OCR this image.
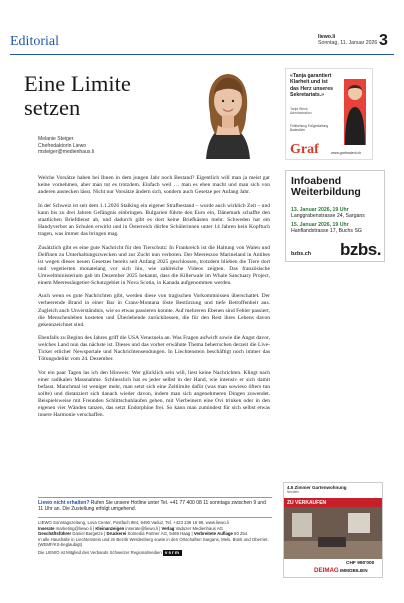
Editorial	liewo.li
Sonntag, 11. Januar 2026 3
Eine Limite
setzen
Melanie Steiger
Chefredaktorin Liewo
msteiger@medienhaus.li

Welche Vorsätze haben bei Ihnen in dem jungen Jahr noch Bestand? Eigentlich will man ja meist gar keine vornehmen, aber man tut es trotzdem. Einfach weil … man es eben macht und man sich von anderen anstecken lässt. Nicht nur Vorsätze ändern sich, sondern auch Gesetze per Anfang Jahr.

In der Schweiz ist seit dem 1.1.2026 Stalking ein eigener Strafbestand – wurde auch wirklich Zeit – und kann bis zu drei Jahren Gefängnis einbringen. Bulgarien führte den Euro ein, Dänemark schaffte den staatlichen Briefdienst ab, und dadurch gibt es dort keine Briefkästen mehr. Schweden hat ein Handyverbot an Schulen erwirkt und in Österreich dürfen Schülerinnen unter 14 Jahren kein Kopftuch tragen, was immer das bringen mag.

Zusätzlich gibt es eine gute Nachricht für den Tierschutz: In Frankreich ist die Haltung von Walen und Delfinen zu Unterhaltungszwecken und zur Zucht nun verboten. Der Meereszoo Marineland in Antibes ist wegen dieses neuen Gesetzes bereits seit Anfang 2025 geschlossen, trotzdem blieben die Tiere dort und vegetierten monatelang vor sich hin, wie zahlreiche Videos zeigten. Das französische Umweltministerium gab im Dezember 2025 bekannt, dass die Killerwale im Whale Sanctuary Project, einem Meeressäugetier-Schutzgebiet in Nova Scotia, in Kanada aufgenommen werden.

Auch wenn es gute Nachrichten gibt, werden diese von tragischen Vorkommnissen überschattet. Der verheerende Brand in einer Bar in Crans-Montana löste Bestürzung und tiefe Betroffenheit aus. Zugleich auch Unverständnis, wie so etwas passieren konnte. Auf mehreren Ebenen sind Fehler passiert, die Menschenleben kosteten und Überlebende zurückliessen, die für den Rest ihres Lebens davon gekennzeichnet sind.

Ebenfalls zu Beginn des Jahres griff die USA Venezuela an. Was Fragen aufwirft sowie die Angst davor, welches Land nun das nächste ist. Dieses und das vorher erwähnte Thema beherrschen derzeit die Live-Ticker etlicher Newsportale und Nachrichtensendungen. In Liechtenstein beschäftigt noch immer das Tötungsdelikt vom 24. Dezember.

Vor ein paar Tagen las ich den Hinweis: Wer glücklich sein will, liest keine Nachrichten. Klingt nach einer radikalen Massnahme. Schliesslich hat es jeder selbst in der Hand, wie intensiv er sich damit befasst. Manchmal ist weniger mehr, man setzt sich eine Zeitlimite dafür (was man sowieso öfters tun sollte) und distanziert sich danach wieder davon, indem man sich angenehmeren Dingen zuwendet. Beispielsweise mit Freunden Schlittschuhlaufen gehen, mit Vierbeinern eine Ovi trinken oder in den eigenen vier Wänden tanzen, das setzt Endorphine frei. So kann man zumindest für sich selbst etwas innere Harmonie verschaffen.

Liewo nicht erhalten? Rufen Sie unsere Hotline unter Tel. +41 77 400 08 11 sonntags zwischen 9 und 11 Uhr an. Die Zustellung erfolgt umgehend.
LIEWO Sonntagszeitung, Lova Center, Postfach 884, 9490 Vaduz, Tel. +423 236 16 96, www.liewo.li
Inserate marketing@liewo.li | Kleinanzeigen inserate@liewo.li | Verlag Vaduzer Medienhaus AG
Geschäftsführer Daniel Bargetze | Druckerei Somedia Partner AG, 9469 Haag | Verbreitete Auflage 50 254.
In alle Haushalte in Liechtenstein und im Bezirk Werdenberg sowie in den Ortschaften Sargans, Mels, Bünti und Oberriet. (WEMF/KS-beglaubigt)
Die LIEWO ist Mitglied des Verbands Schweizer Regionalmedien vsrm
«Tanja garantiert Klarheit und ist das Herz unseres Sekretariats.»
Tanja Wenk
Administration
Fühlbehung Fußgestaltung Badeslöen
Graf	www.grafmaleni.ch
Infoabend
Weiterbildung
13. Januar 2026, 19 Uhr
Langgrabenstrasse 24, Sargans
15. Januar 2026, 19 Uhr
Hanflandstrasse 17, Buchs SG
bzbs.ch bzbs.
4.5 Zimmer Gartenwohnung
Nendeln
ZU VERKAUFEN
CHF 990'000
DEIMAG IMMOBILIEN
